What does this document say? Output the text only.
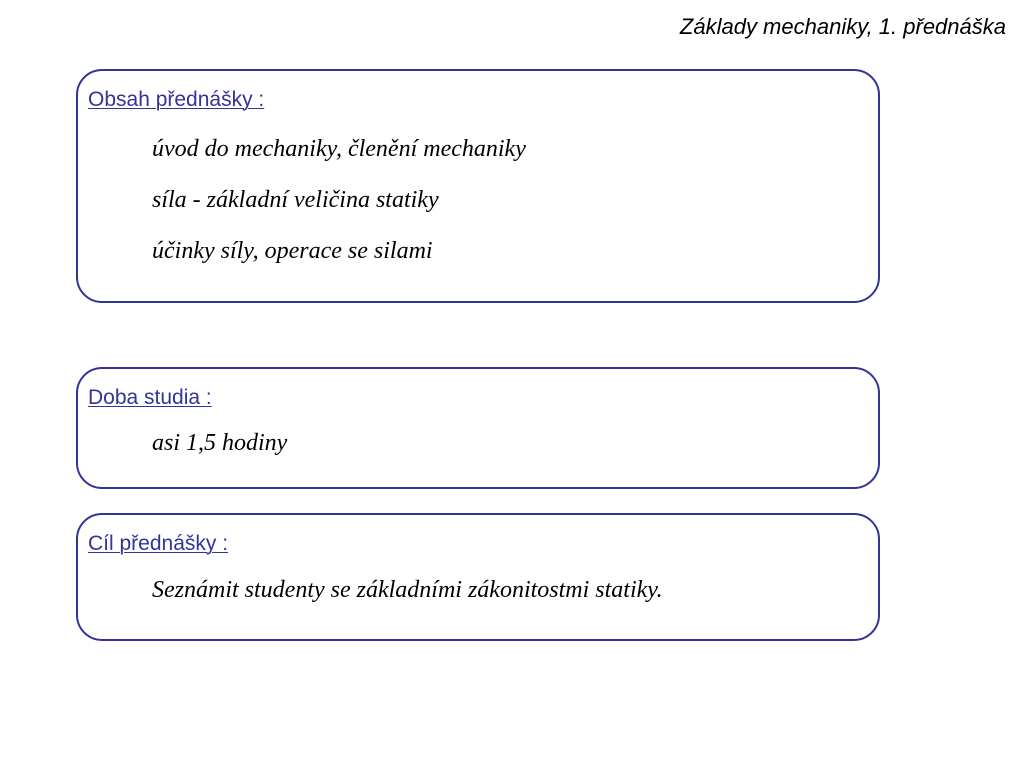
Základy mechaniky, 1. přednáška
Obsah přednášky :
úvod do mechaniky, členění mechaniky
síla - základní veličina statiky
účinky síly, operace se silami
Doba studia :
asi 1,5 hodiny
Cíl přednášky :
Seznámit studenty se základními zákonitostmi statiky.
